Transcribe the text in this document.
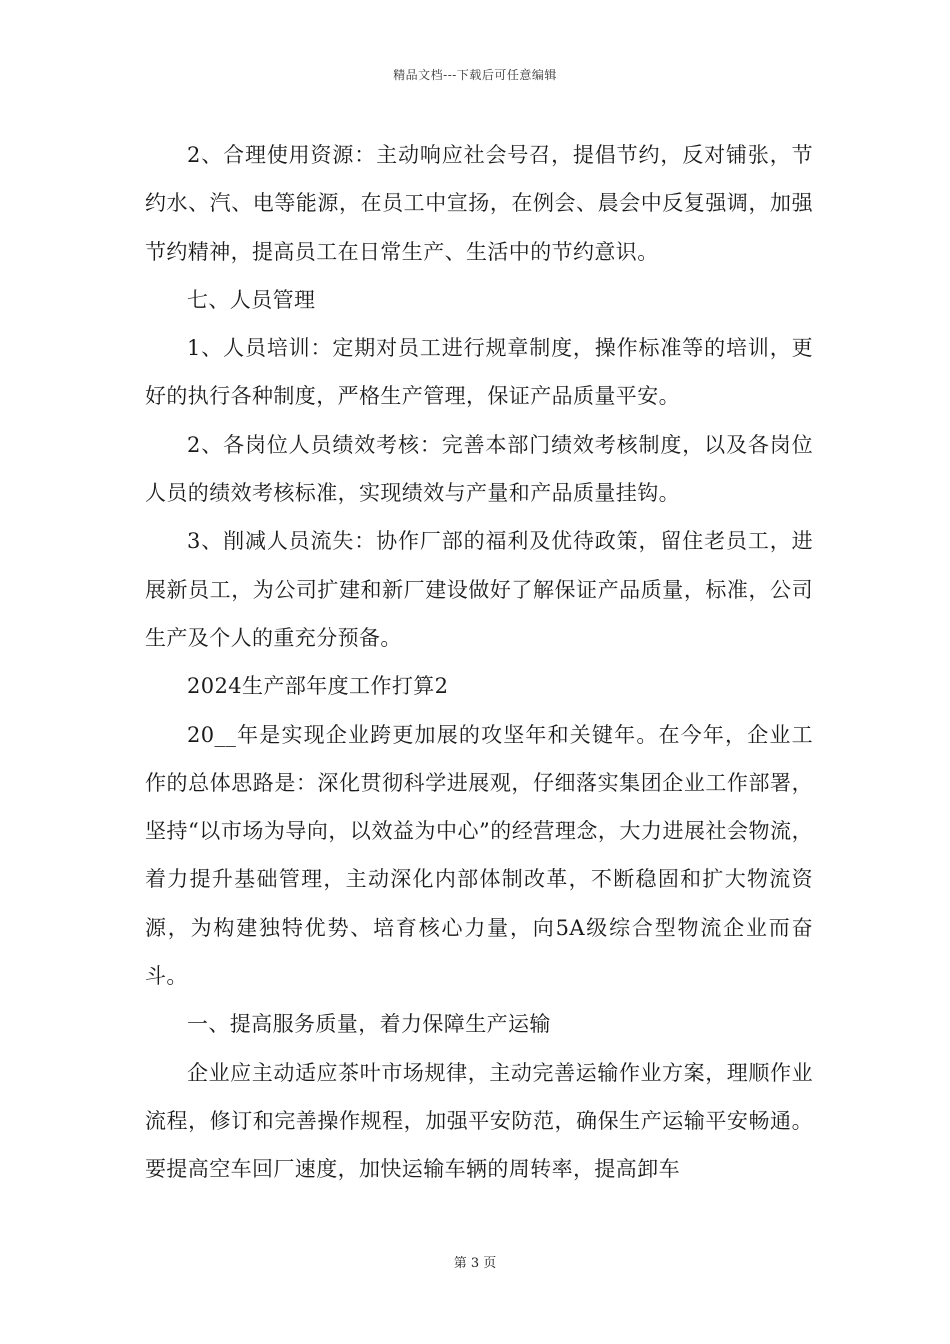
精品文档---下载后可任意编辑

2、合理使用资源：主动响应社会号召，提倡节约，反对铺张，节约水、汽、电等能源，在员工中宣扬，在例会、晨会中反复强调，加强节约精神，提高员工在日常生产、生活中的节约意识。

七、人员管理

1、人员培训：定期对员工进行规章制度，操作标准等的培训，更好的执行各种制度，严格生产管理，保证产品质量平安。

2、各岗位人员绩效考核：完善本部门绩效考核制度，以及各岗位人员的绩效考核标准，实现绩效与产量和产品质量挂钩。

3、削减人员流失：协作厂部的福利及优待政策，留住老员工，进展新员工，为公司扩建和新厂建设做好了解保证产品质量，标准，公司生产及个人的重充分预备。

2024生产部年度工作打算2

20__年是实现企业跨更加展的攻坚年和关键年。在今年，企业工作的总体思路是：深化贯彻科学进展观，仔细落实集团企业工作部署，坚持“以市场为导向，以效益为中心”的经营理念，大力进展社会物流，着力提升基础管理，主动深化内部体制改革，不断稳固和扩大物流资源，为构建独特优势、培育核心力量，向5A级综合型物流企业而奋斗。

一、提高服务质量，着力保障生产运输

企业应主动适应茶叶市场规律，主动完善运输作业方案，理顺作业流程，修订和完善操作规程，加强平安防范，确保生产运输平安畅通。要提高空车回厂速度，加快运输车辆的周转率，提高卸车

第 3 页
